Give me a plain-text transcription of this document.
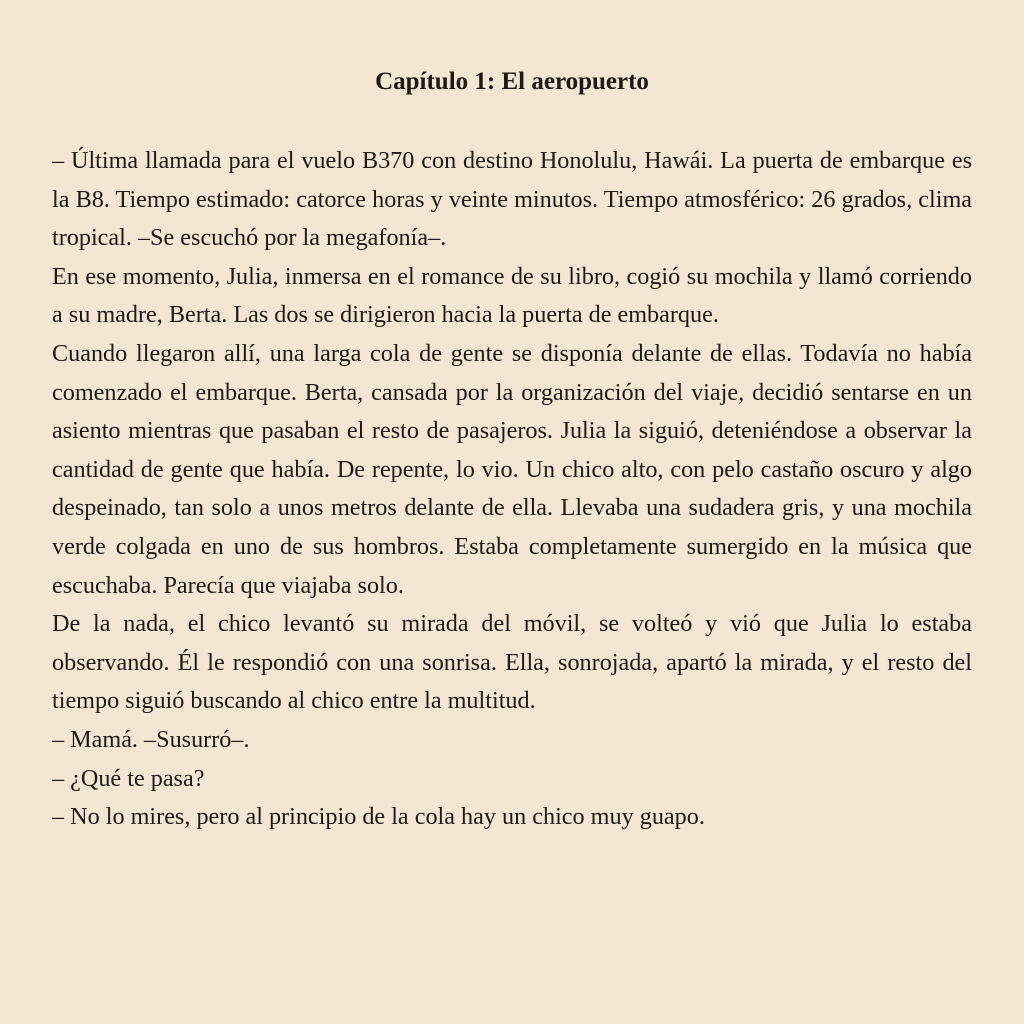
Capítulo 1: El aeropuerto

– Última llamada para el vuelo B370 con destino Honolulu, Hawái. La puerta de embarque es la B8. Tiempo estimado: catorce horas y veinte minutos. Tiempo atmosférico: 26 grados, clima tropical. –Se escuchó por la megafonía–.

En ese momento, Julia, inmersa en el romance de su libro, cogió su mochila y llamó corriendo a su madre, Berta. Las dos se dirigieron hacia la puerta de embarque.

Cuando llegaron allí, una larga cola de gente se disponía delante de ellas. Todavía no había comenzado el embarque. Berta, cansada por la organización del viaje, decidió sentarse en un asiento mientras que pasaban el resto de pasajeros. Julia la siguió, deteniéndose a observar la cantidad de gente que había. De repente, lo vio. Un chico alto, con pelo castaño oscuro y algo despeinado, tan solo a unos metros delante de ella. Llevaba una sudadera gris, y una mochila verde colgada en uno de sus hombros. Estaba completamente sumergido en la música que escuchaba. Parecía que viajaba solo.

De la nada, el chico levantó su mirada del móvil, se volteó y vió que Julia lo estaba observando. Él le respondió con una sonrisa. Ella, sonrojada, apartó la mirada, y el resto del tiempo siguió buscando al chico entre la multitud.

– Mamá. –Susurró–.

– ¿Qué te pasa?

– No lo mires, pero al principio de la cola hay un chico muy guapo.
